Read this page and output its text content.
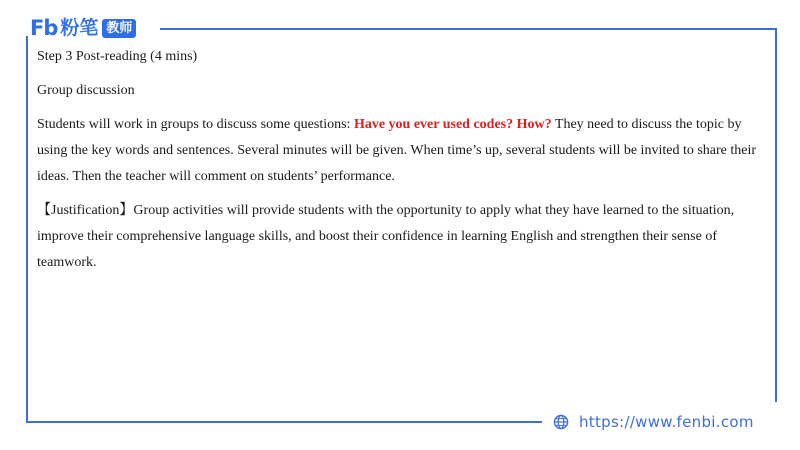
Fb 粉笔 教师

Step 3 Post-reading (4 mins)

Group discussion

Students will work in groups to discuss some questions: Have you ever used codes? How? They need to discuss the topic by using the key words and sentences. Several minutes will be given. When time’s up, several students will be invited to share their ideas. Then the teacher will comment on students’ performance.

【Justification】Group activities will provide students with the opportunity to apply what they have learned to the situation, improve their comprehensive language skills, and boost their confidence in learning English and strengthen their sense of teamwork.

https://www.fenbi.com
